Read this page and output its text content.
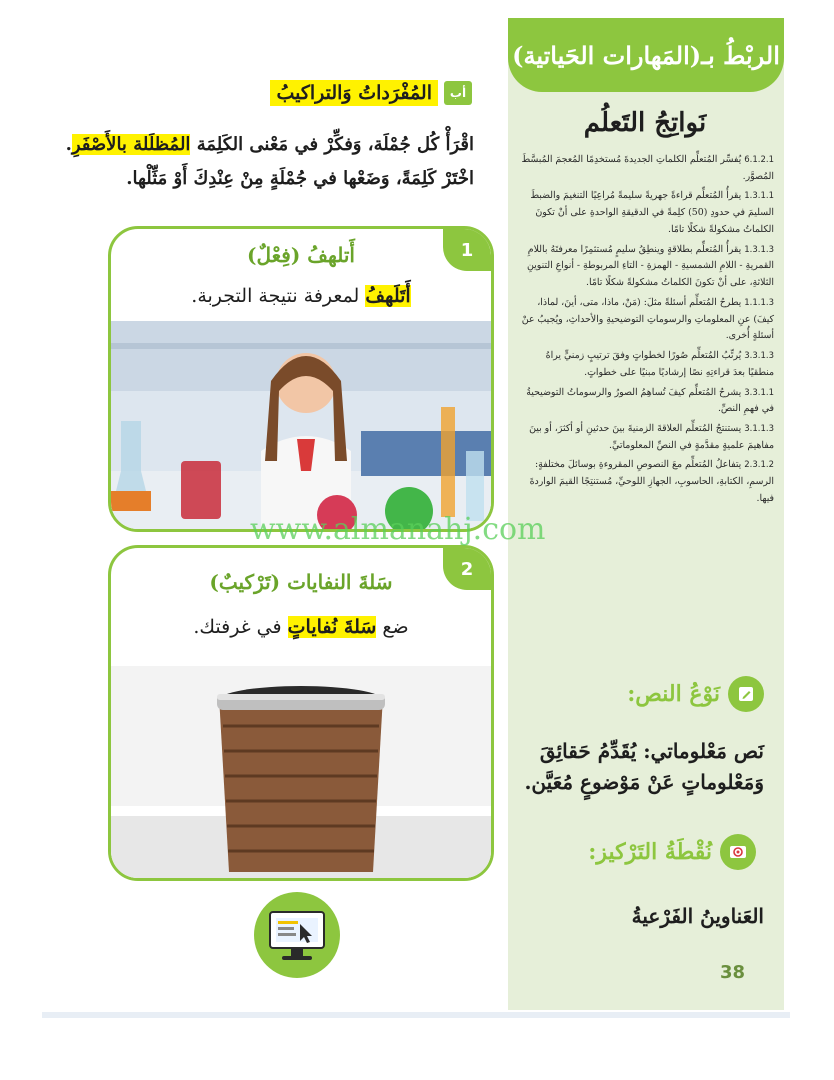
الربْطُ بـ(المَهارات الحَياتية)
نَواتِجُ التَعلُم

6.1.2.1 يُفسِّر المُتعلِّم الكلماتِ الجديدةَ مُستخدِمًا المُعجمَ المُبسَّطَ المُصوَّر.

1.3.1.1 يقرأُ المُتعلِّم قراءةً جهريةً سليمةً مُراعِيًا التنغيمَ والضبطَ السليمَ في حدودِ (50) كلِمةً في الدقيقةِ الواحدةِ على أنْ تكونَ الكلماتُ مشكولةً شكلًا تامًا.

1.3.1.3 يقرأُ المُتعلِّم بطلاقةٍ وينطِقُ سليمٍ مُستثمِرًا معرفتَهُ باللامِ القمريةِ - اللامِ الشمسيةِ - الهمزةِ - التاءِ المربوطةِ - أنواعِ التنوينِ الثلاثةِ، على أنْ تكونَ الكلماتُ مشكولةً شكلًا تامًا.

1.1.1.3 يطرحُ المُتعلِّم أسئلةً مثلَ: (مَنْ، ماذا، متى، أينَ، لماذا، كيفَ) عنِ المعلوماتِ والرسوماتِ التوضيحيةِ والأحداثِ، ويُجيبُ عنْ أسئلةٍ أُخرى.

3.3.1.3 يُرتِّبُ المُتعلِّم صُورًا لخطواتٍ وفقَ ترتيبٍ زمنيٍّ يراهُ منطقيًا بعدَ قراءتِهِ نصًا إرشاديًا مبنيًا على خطواتٍ.

3.3.1.1 يشرحُ المُتعلِّم كيفَ تُساهِمُ الصورُ والرسوماتُ التوضيحيةُ في فهمِ النصِّ.

3.1.1.3 يستنتجُ المُتعلِّم العلاقةَ الزمنيةَ بينَ حدثينِ أو أكثرَ، أو بينَ مفاهيمَ علميةٍ مقدَّمةٍ في النصِّ المعلوماتيِّ.

2.3.1.2 يتفاعلُ المُتعلِّم معَ النصوصِ المقروءةِ بوسائلَ مختلفةٍ: الرسمِ، الكتابةِ، الحاسوبِ، الجهازِ اللوحيِّ، مُستنتِجًا القيمَ الواردةَ فيها.

نَوْعُ النص:
نَص مَعْلوماتي: يُقَدِّمُ حَقائِقَ
وَمَعْلوماتٍ عَنْ مَوْضوعٍ مُعَيَّن.
نُقْطَةُ التَرْكيز:
العَناوينُ الفَرْعيةُ
38
أب
المُفْرَداتُ وَالتراكيبُ
اقْرَأْ كُل جُمْلَة، وَفكِّرْ في مَعْنى الكَلِمَة المُظلَلة بالأَصْفَرِ.
اخْتَرْ كَلِمَةً، وَضَعْها في جُمْلَةٍ مِنْ عِنْدِكَ أَوْ مَثِّلْها.
1
أَتلهفُ (فِعْلٌ)
أَتَلَهفُ لمعرفة نتيجة التجربة.
2
سَلةَ النفايات (تَرْكيبٌ)
ضع سَلةَ نُفاياتٍ في غرفتك.
www.almanahj.com
